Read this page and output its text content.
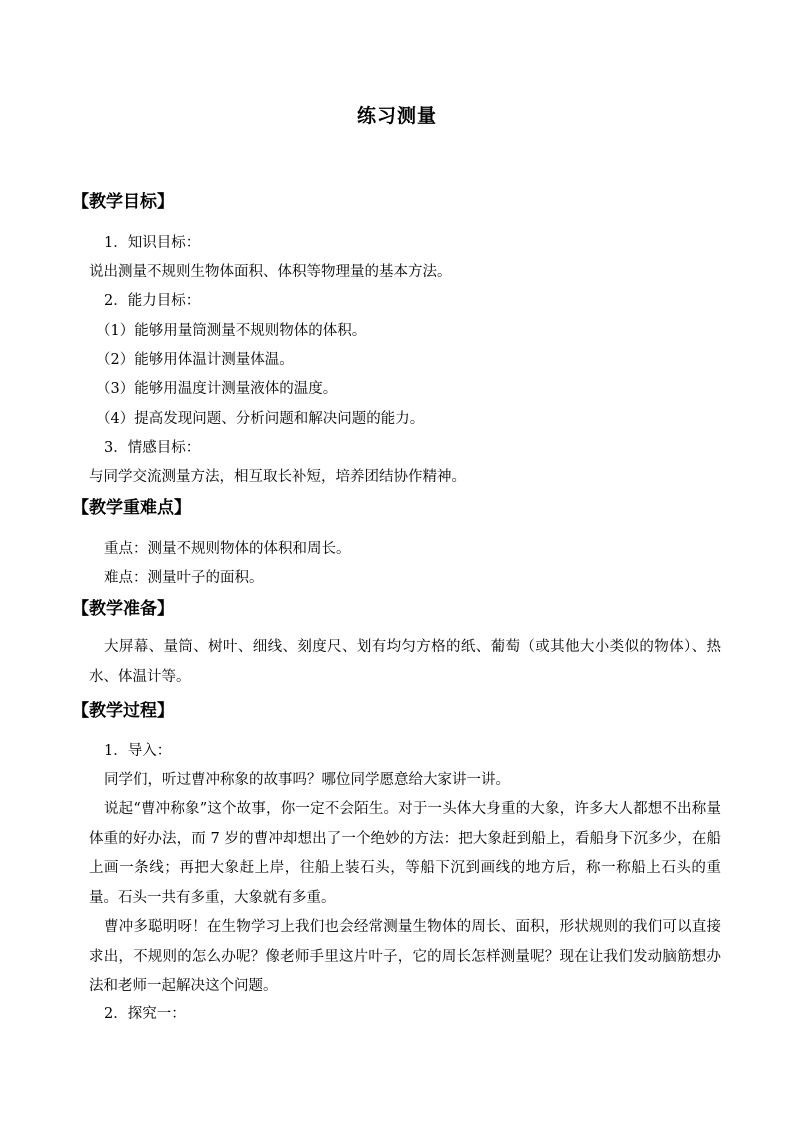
练习测量
【教学目标】
1．知识目标：
说出测量不规则生物体面积、体积等物理量的基本方法。
2．能力目标：
（1）能够用量筒测量不规则物体的体积。
（2）能够用体温计测量体温。
（3）能够用温度计测量液体的温度。
（4）提高发现问题、分析问题和解决问题的能力。
3．情感目标：
与同学交流测量方法，相互取长补短，培养团结协作精神。
【教学重难点】
重点：测量不规则物体的体积和周长。
难点：测量叶子的面积。
【教学准备】
大屏幕、量筒、树叶、细线、刻度尺、划有均匀方格的纸、葡萄（或其他大小类似的物体）、热水、体温计等。
【教学过程】
1．导入：
同学们，听过曹冲称象的故事吗？哪位同学愿意给大家讲一讲。
说起“曹冲称象”这个故事，你一定不会陌生。对于一头体大身重的大象，许多大人都想不出称量体重的好办法，而 7 岁的曹冲却想出了一个绝妙的方法：把大象赶到船上，看船身下沉多少，在船上画一条线；再把大象赶上岸，往船上装石头，等船下沉到画线的地方后，称一称船上石头的重量。石头一共有多重，大象就有多重。
曹冲多聪明呀！在生物学习上我们也会经常测量生物体的周长、面积，形状规则的我们可以直接求出，不规则的怎么办呢？像老师手里这片叶子，它的周长怎样测量呢？现在让我们发动脑筋想办法和老师一起解决这个问题。
2．探究一：
